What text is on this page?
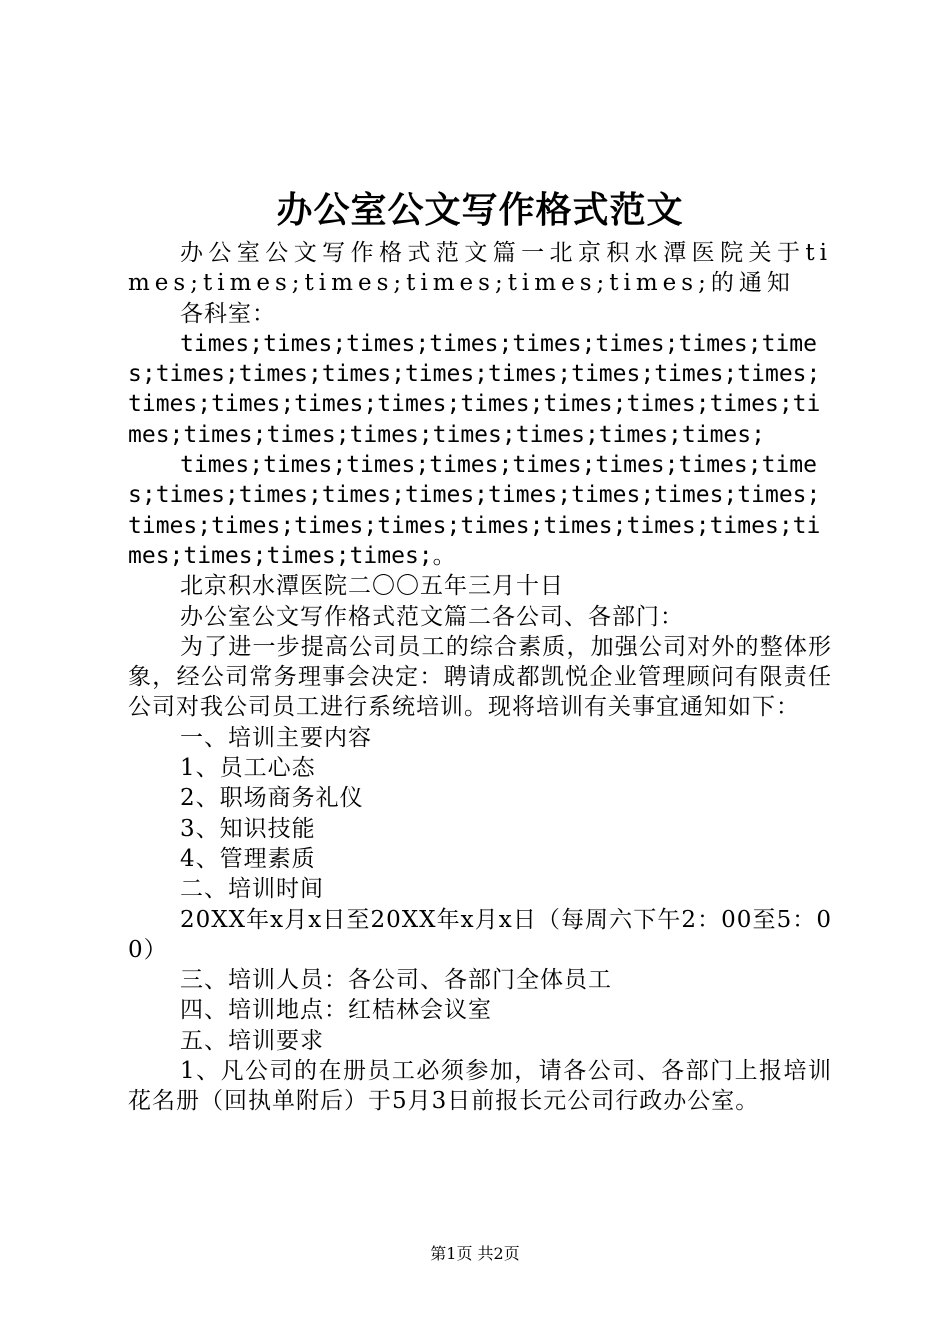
办公室公文写作格式范文

办公室公文写作格式范文篇一北京积水潭医院关于times;times;times;times;times;times;的通知

各科室：

times;times;times;times;times;times;times;times;times;times;times;times;times;times;times;times;times;times;times;times;times;times;times;times;times;times;times;times;times;times;times;times;

times;times;times;times;times;times;times;times;times;times;times;times;times;times;times;times;times;times;times;times;times;times;times;times;times;times;times;times;。

北京积水潭医院二〇〇五年三月十日

办公室公文写作格式范文篇二各公司、各部门：

为了进一步提高公司员工的综合素质，加强公司对外的整体形象，经公司常务理事会决定：聘请成都凯悦企业管理顾问有限责任公司对我公司员工进行系统培训。现将培训有关事宜通知如下：

一、培训主要内容

1、员工心态

2、职场商务礼仪

3、知识技能

4、管理素质

二、培训时间

20XX年x月x日至20XX年x月x日（每周六下午2：00至5：00）

三、培训人员：各公司、各部门全体员工

四、培训地点：红桔林会议室

五、培训要求

1、凡公司的在册员工必须参加，请各公司、各部门上报培训花名册（回执单附后）于5月3日前报长元公司行政办公室。

第1页 共2页
